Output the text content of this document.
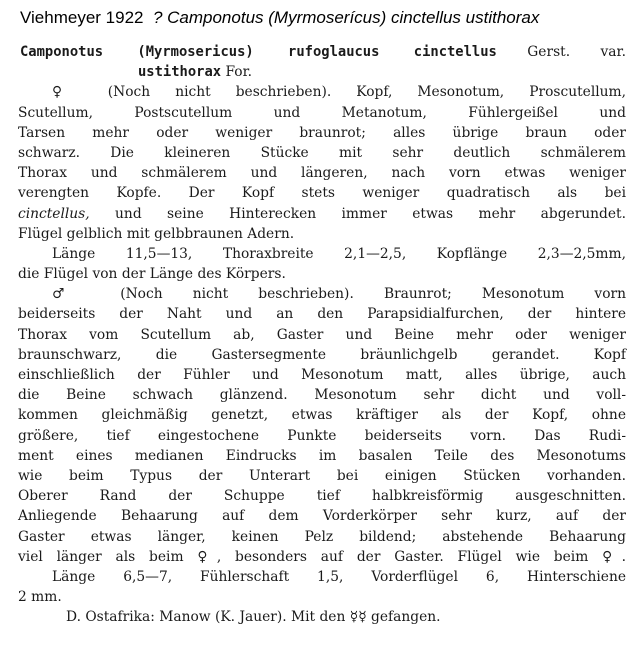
Viehmeyer 1922 ? Camponotus (Myrmoserícus) cinctellus ustithorax
Camponotus (Myrmosericus) rufoglaucus cinctellus Gerst. var.
ustithorax For.
♀ (Noch nicht beschrieben). Kopf, Mesonotum, Proscutellum,
Scutellum, Postscutellum und Metanotum, Fühlergeißel und
Tarsen mehr oder weniger braunrot; alles übrige braun oder
schwarz. Die kleineren Stücke mit sehr deutlich schmälerem
Thorax und schmälerem und längeren, nach vorn etwas weniger
verengten Kopfe. Der Kopf stets weniger quadratisch als bei
cinctellus, und seine Hinterecken immer etwas mehr abgerundet.
Flügel gelblich mit gelbbraunen Adern.
Länge 11,5—13, Thoraxbreite 2,1—2,5, Kopflänge 2,3—2,5mm,
die Flügel von der Länge des Körpers.
♂ (Noch nicht beschrieben). Braunrot; Mesonotum vorn
beiderseits der Naht und an den Parapsidialfurchen, der hintere
Thorax vom Scutellum ab, Gaster und Beine mehr oder weniger
braunschwarz, die Gastersegmente bräunlichgelb gerandet. Kopf
einschließlich der Fühler und Mesonotum matt, alles übrige, auch
die Beine schwach glänzend. Mesonotum sehr dicht und voll-
kommen gleichmäßig genetzt, etwas kräftiger als der Kopf, ohne
größere, tief eingestochene Punkte beiderseits vorn. Das Rudi-
ment eines medianen Eindrucks im basalen Teile des Mesonotums
wie beim Typus der Unterart bei einigen Stücken vorhanden.
Oberer Rand der Schuppe tief halbkreisförmig ausgeschnitten.
Anliegende Behaarung auf dem Vorderkörper sehr kurz, auf der
Gaster etwas länger, keinen Pelz bildend; abstehende Behaarung
viel länger als beim ♀, besonders auf der Gaster. Flügel wie beim ♀.
Länge 6,5—7, Fühlerschaft 1,5, Vorderflügel 6, Hinterschiene
2 mm.
D. Ostafrika: Manow (K. Jauer). Mit den ☿☿ gefangen.
